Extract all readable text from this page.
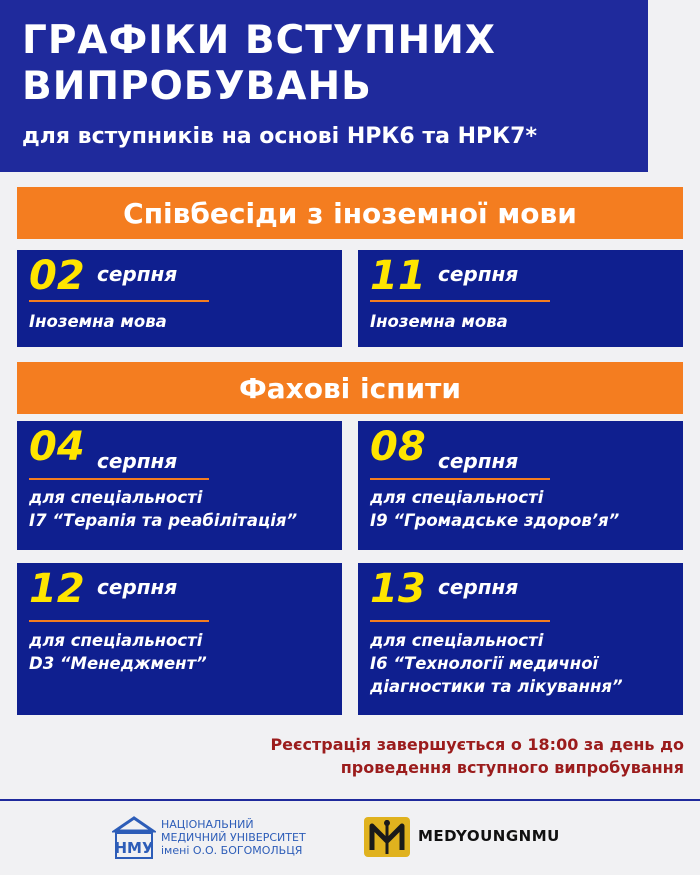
ГРАФІКИ ВСТУПНИХ
ВИПРОБУВАНЬ

для вступників на основі НРК6 та НРК7*

Співбесіди з іноземної мови
02 серпня
Іноземна мова
11 серпня
Іноземна мова
Фахові іспити
04 серпня
для спеціальності
І7 “Терапія та реабілітація”
08 серпня
для спеціальності
І9 “Громадське здоров’я”
12 серпня
для спеціальності
D3 “Менеджмент”
13 серпня
для спеціальності
І6 “Технології медичної
діагностики та лікування”

Реєстрація завершується о 18:00 за день до
проведення вступного випробування

НМУ

НАЦІОНАЛЬНИЙ
МЕДИЧНИЙ УНІВЕРСИТЕТ
імені О.О. БОГОМОЛЬЦЯ

MEDYOUNGNMU
